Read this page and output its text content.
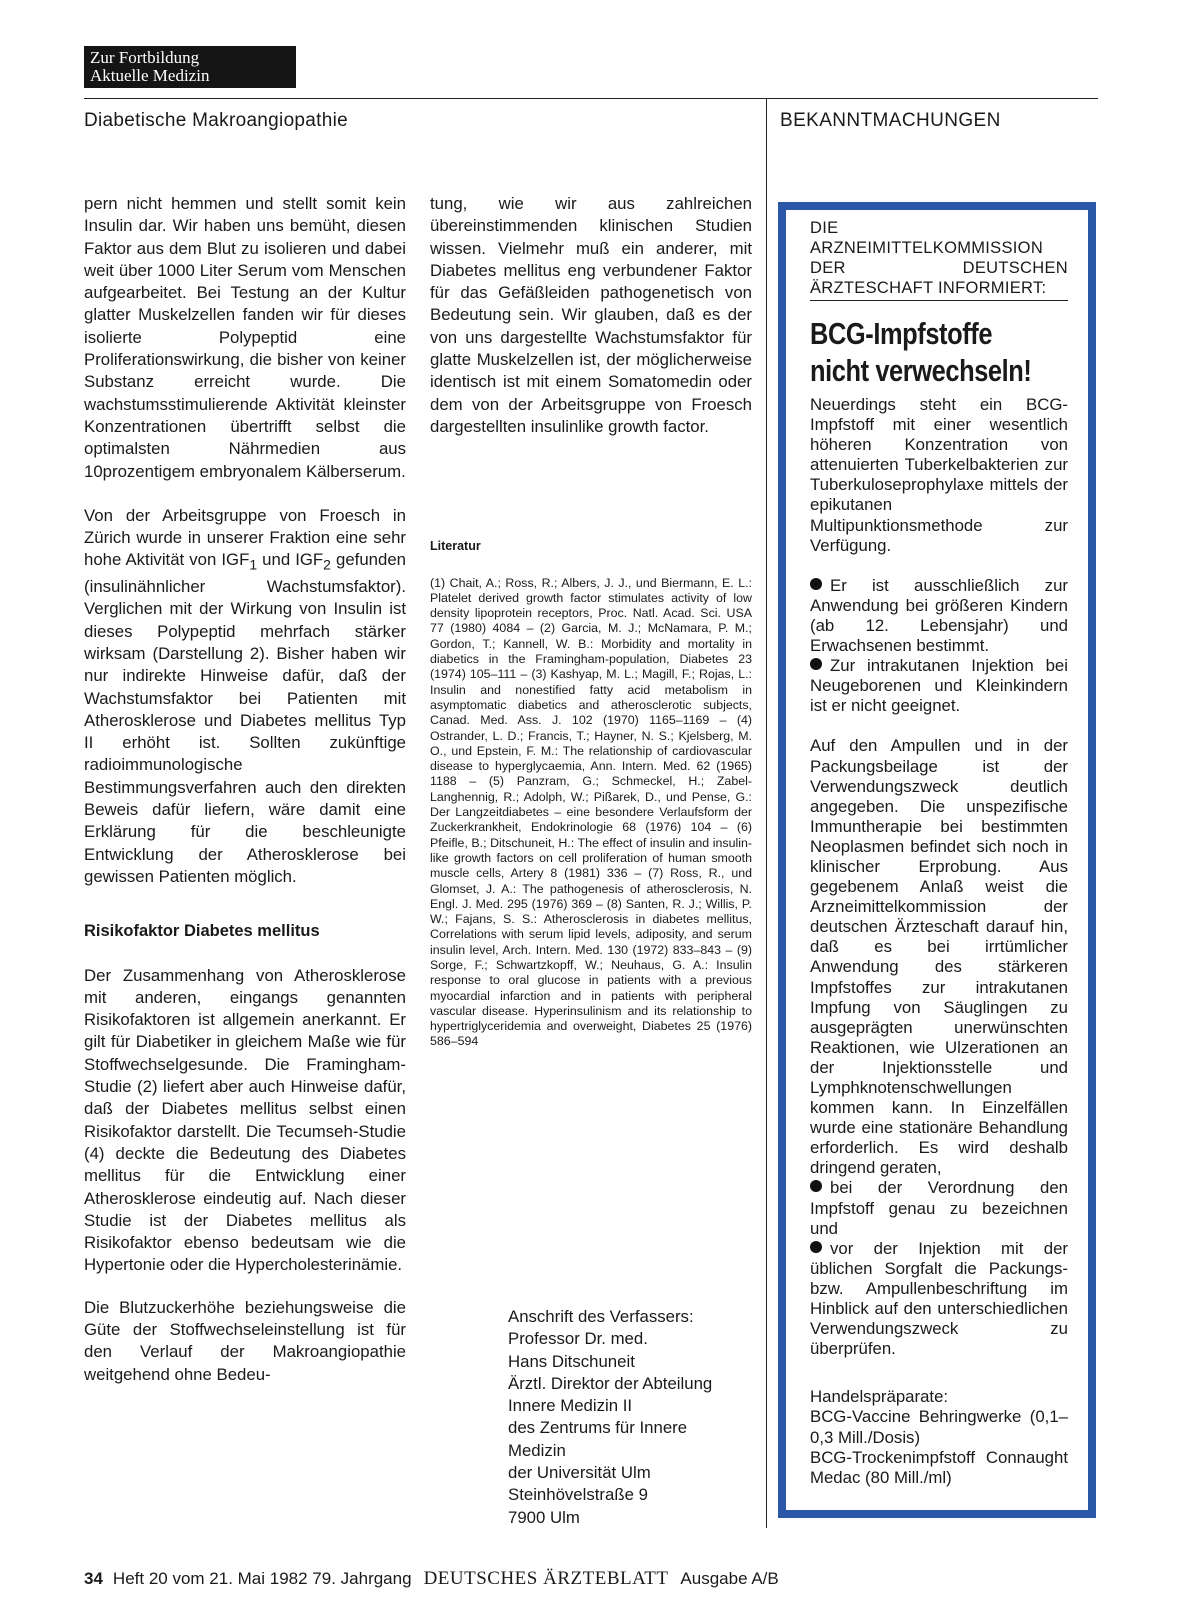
Zur Fortbildung
Aktuelle Medizin
Diabetische Makroangiopathie	BEKANNTMACHUNGEN

pern nicht hemmen und stellt somit kein Insulin dar. Wir haben uns bemüht, diesen Faktor aus dem Blut zu isolieren und dabei weit über 1000 Liter Serum vom Menschen aufgearbeitet. Bei Testung an der Kultur glatter Muskelzellen fanden wir für dieses isolierte Polypeptid eine Proliferationswirkung, die bisher von keiner Substanz erreicht wurde. Die wachstumsstimulierende Aktivität kleinster Konzentrationen übertrifft selbst die optimalsten Nährmedien aus 10prozentigem embryonalem Kälberserum.

Von der Arbeitsgruppe von Froesch in Zürich wurde in unserer Fraktion eine sehr hohe Aktivität von $IGF_1$ und $IGF_2$ gefunden (insulinähnlicher Wachstumsfaktor). Verglichen mit der Wirkung von Insulin ist dieses Polypeptid mehrfach stärker wirksam (Darstellung 2). Bisher haben wir nur indirekte Hinweise dafür, daß der Wachstumsfaktor bei Patienten mit Atherosklerose und Diabetes mellitus Typ II erhöht ist. Sollten zukünftige radioimmunologische Bestimmungsverfahren auch den direkten Beweis dafür liefern, wäre damit eine Erklärung für die beschleunigte Entwicklung der Atherosklerose bei gewissen Patienten möglich.

Risikofaktor Diabetes mellitus

Der Zusammenhang von Atherosklerose mit anderen, eingangs genannten Risikofaktoren ist allgemein anerkannt. Er gilt für Diabetiker in gleichem Maße wie für Stoffwechselgesunde. Die Framingham-Studie (2) liefert aber auch Hinweise dafür, daß der Diabetes mellitus selbst einen Risikofaktor darstellt. Die Tecumseh-Studie (4) deckte die Bedeutung des Diabetes mellitus für die Entwicklung einer Atherosklerose eindeutig auf. Nach dieser Studie ist der Diabetes mellitus als Risikofaktor ebenso bedeutsam wie die Hypertonie oder die Hypercholesterinämie.

Die Blutzuckerhöhe beziehungsweise die Güte der Stoffwechseleinstellung ist für den Verlauf der Makroangiopathie weitgehend ohne Bedeu-

tung, wie wir aus zahlreichen übereinstimmenden klinischen Studien wissen. Vielmehr muß ein anderer, mit Diabetes mellitus eng verbundener Faktor für das Gefäßleiden pathogenetisch von Bedeutung sein. Wir glauben, daß es der von uns dargestellte Wachstumsfaktor für glatte Muskelzellen ist, der möglicherweise identisch ist mit einem Somatomedin oder dem von der Arbeitsgruppe von Froesch dargestellten insulinlike growth factor.

Literatur
(1) Chait, A.; Ross, R.; Albers, J. J., und Biermann, E. L.: Platelet derived growth factor stimulates activity of low density lipoprotein receptors, Proc. Natl. Acad. Sci. USA 77 (1980) 4084 – (2) Garcia, M. J.; McNamara, P. M.; Gordon, T.; Kannell, W. B.: Morbidity and mortality in diabetics in the Framingham-population, Diabetes 23 (1974) 105–111 – (3) Kashyap, M. L.; Magill, F.; Rojas, L.: Insulin and nonestified fatty acid metabolism in asymptomatic diabetics and atherosclerotic subjects, Canad. Med. Ass. J. 102 (1970) 1165–1169 – (4) Ostrander, L. D.; Francis, T.; Hayner, N. S.; Kjelsberg, M. O., und Epstein, F. M.: The relationship of cardiovascular disease to hyperglycaemia, Ann. Intern. Med. 62 (1965) 1188 – (5) Panzram, G.; Schmeckel, H.; Zabel-Langhennig, R.; Adolph, W.; Pißarek, D., und Pense, G.: Der Langzeitdiabetes – eine besondere Verlaufsform der Zuckerkrankheit, Endokrinologie 68 (1976) 104 – (6) Pfeifle, B.; Ditschuneit, H.: The effect of insulin and insulin-like growth factors on cell proliferation of human smooth muscle cells, Artery 8 (1981) 336 – (7) Ross, R., und Glomset, J. A.: The pathogenesis of atherosclerosis, N. Engl. J. Med. 295 (1976) 369 – (8) Santen, R. J.; Willis, P. W.; Fajans, S. S.: Atherosclerosis in diabetes mellitus, Correlations with serum lipid levels, adiposity, and serum insulin level, Arch. Intern. Med. 130 (1972) 833–843 – (9) Sorge, F.; Schwartzkopff, W.; Neuhaus, G. A.: Insulin response to oral glucose in patients with a previous myocardial infarction and in patients with peripheral vascular disease. Hyperinsulinism and its relationship to hypertriglyceridemia and overweight, Diabetes 25 (1976) 586–594
Anschrift des Verfassers:
Professor Dr. med.
Hans Ditschuneit
Ärztl. Direktor der Abteilung
Innere Medizin II
des Zentrums für Innere
Medizin
der Universität Ulm
Steinhövelstraße 9
7900 Ulm
DIE ARZNEIMITTELKOMMISSION DER DEUTSCHEN ÄRZTESCHAFT INFORMIERT:
BCG-Impfstoffe
nicht verwechseln!

Neuerdings steht ein BCG-Impfstoff mit einer wesentlich höheren Konzentration von attenuierten Tuberkelbakterien zur Tuberkuloseprophylaxe mittels der epikutanen Multipunktionsmethode zur Verfügung.

Er ist ausschließlich zur Anwendung bei größeren Kindern (ab 12. Lebensjahr) und Erwachsenen bestimmt.

Zur intrakutanen Injektion bei Neugeborenen und Kleinkindern ist er nicht geeignet.

Auf den Ampullen und in der Packungsbeilage ist der Verwendungszweck deutlich angegeben. Die unspezifische Immuntherapie bei bestimmten Neoplasmen befindet sich noch in klinischer Erprobung. Aus gegebenem Anlaß weist die Arzneimittelkommission der deutschen Ärzteschaft darauf hin, daß es bei irrtümlicher Anwendung des stärkeren Impfstoffes zur intrakutanen Impfung von Säuglingen zu ausgeprägten unerwünschten Reaktionen, wie Ulzerationen an der Injektionsstelle und Lymphknotenschwellungen kommen kann. In Einzelfällen wurde eine stationäre Behandlung erforderlich. Es wird deshalb dringend geraten,

bei der Verordnung den Impfstoff genau zu bezeichnen und

vor der Injektion mit der üblichen Sorgfalt die Packungs- bzw. Ampullenbeschriftung im Hinblick auf den unterschiedlichen Verwendungszweck zu überprüfen.

Handelspräparate:

BCG-Vaccine Behringwerke (0,1–0,3 Mill./Dosis)

BCG-Trockenimpfstoff Connaught Medac (80 Mill./ml)

34 Heft 20 vom 21. Mai 1982 79. Jahrgang DEUTSCHES ÄRZTEBLATT Ausgabe A/B
